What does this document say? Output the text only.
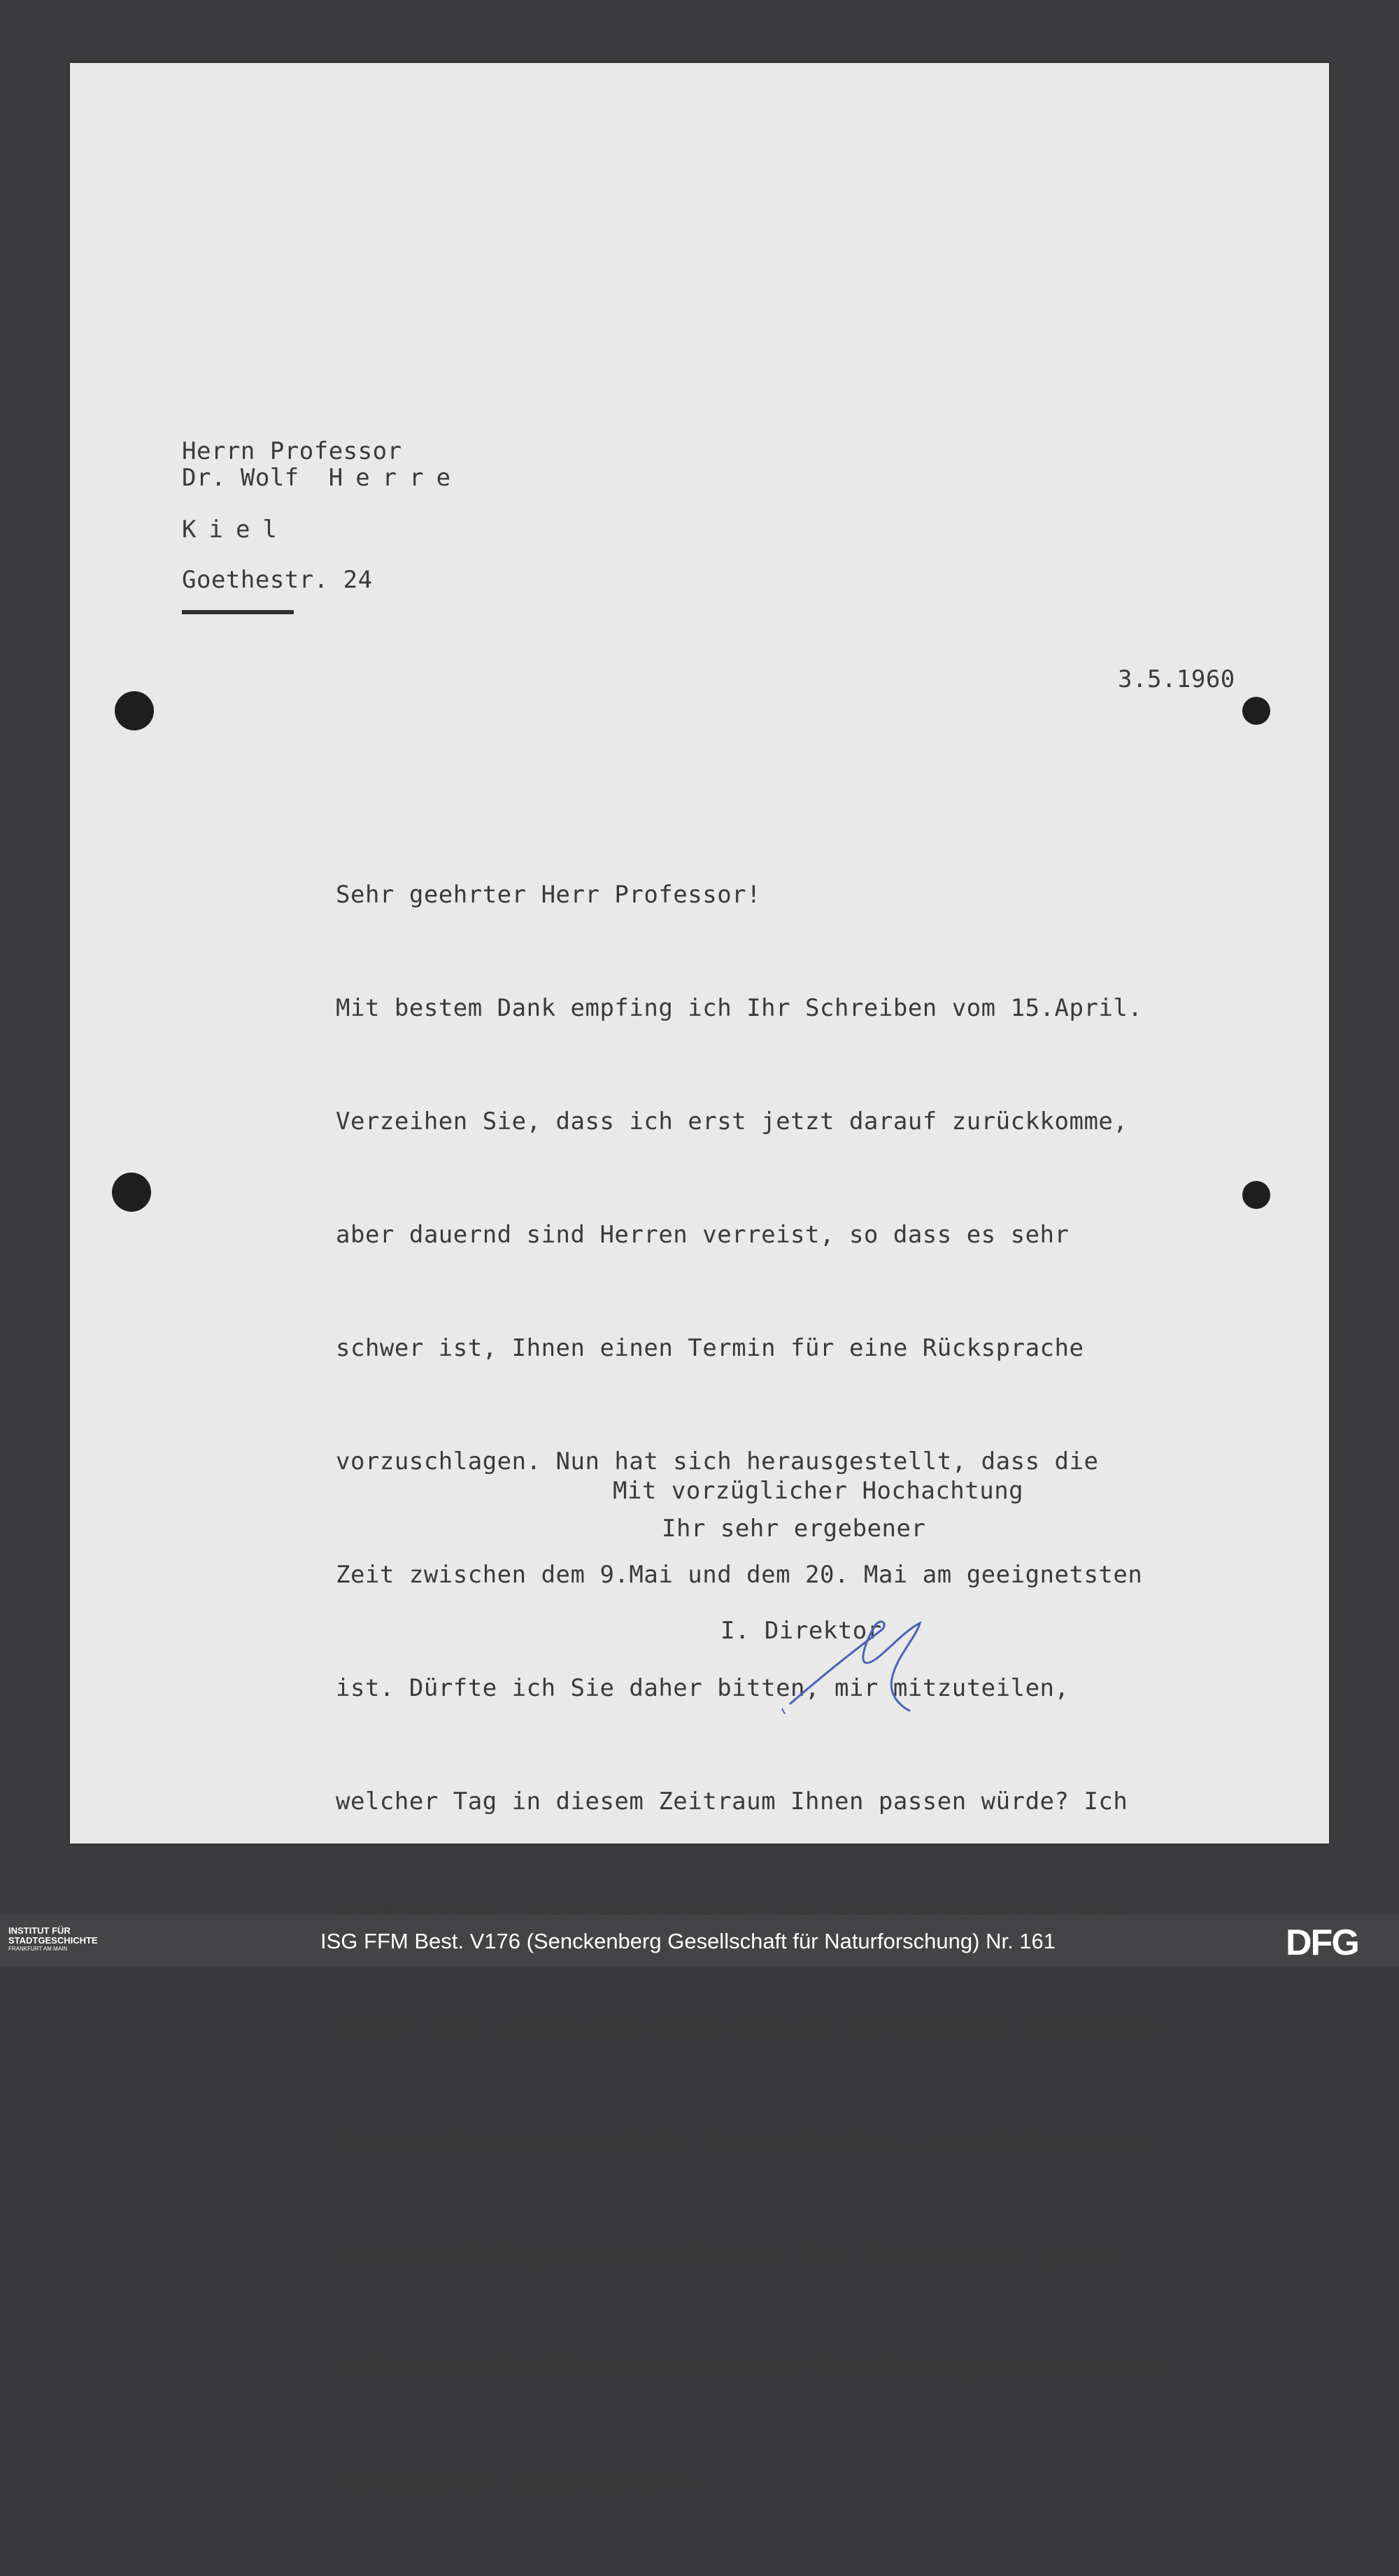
Herrn Professor
Dr. Wolf Herre
Kiel
Goethestr. 24
3.5.1960
Sehr geehrter Herr Professor!

Mit bestem Dank empfing ich Ihr Schreiben vom 15.April.

Verzeihen Sie, dass ich erst jetzt darauf zurückkomme,

aber dauernd sind Herren verreist, so dass es sehr

schwer ist, Ihnen einen Termin für eine Rücksprache

vorzuschlagen. Nun hat sich herausgestellt, dass die

Zeit zwischen dem 9.Mai und dem 20. Mai am geeignetsten

ist. Dürfte ich Sie daher bitten, mir mitzuteilen,

welcher Tag in diesem Zeitraum Ihnen passen würde? Ich

sehen. Ich würde dann hier mit den in Betracht kommenden

Herren abstimmen und mir dann erlauben, zu telefonieren

oder ein Telegramm zu schicken. Die Reisespesen gehen

selbstverständlich zu Lasten der Senckenbergischen Natur-

forschenden Gesellschaft.

Mit vorzüglicher Hochachtung
Ihr sehr ergebener
I. Direktor
INSTITUT FÜR
STADTGESCHICHTE

FRANKFURT AM MAIN	ISG FFM Best. V176 (Senckenberg Gesellschaft für Naturforschung) Nr. 161	DFG
